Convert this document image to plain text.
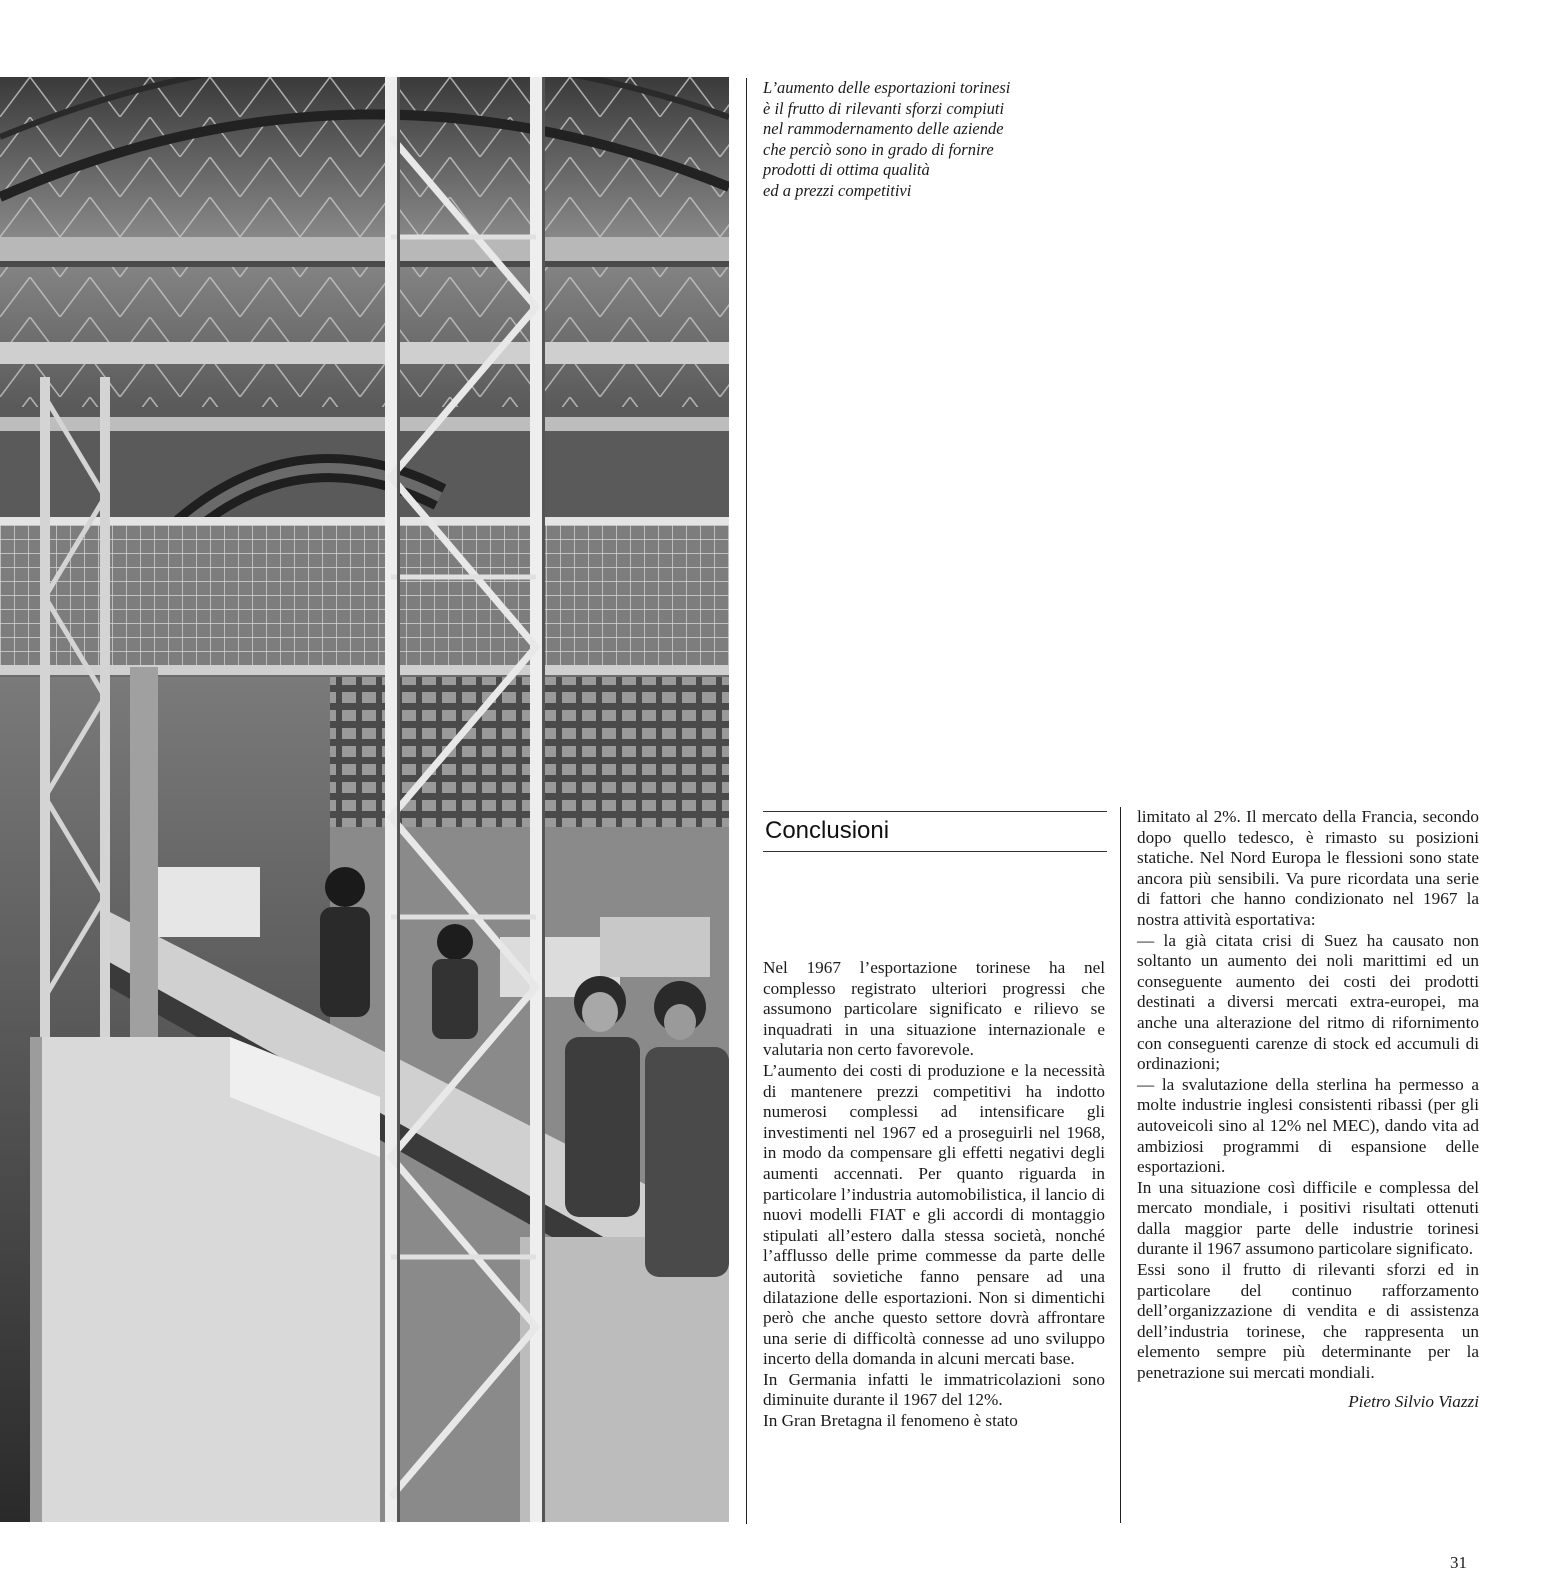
L’aumento delle esportazioni torinesi
è il frutto di rilevanti sforzi compiuti
nel rammodernamento delle aziende
che perciò sono in grado di fornire
prodotti di ottima qualità
ed a prezzi competitivi
Conclusioni

Nel 1967 l’esportazione torinese ha nel complesso registrato ulteriori progressi che assumono particolare significato e rilievo se inquadrati in una situazione internazionale e valutaria non certo favorevole.

L’aumento dei costi di produzione e la necessità di mantenere prezzi competitivi ha indotto numerosi complessi ad intensificare gli investimenti nel 1967 ed a proseguirli nel 1968, in modo da compensare gli effetti negativi degli aumenti accennati. Per quanto riguarda in particolare l’industria automobilistica, il lancio di nuovi modelli FIAT e gli accordi di montaggio stipulati all’estero dalla stessa società, nonché l’afflusso delle prime commesse da parte delle autorità sovietiche fanno pensare ad una dilatazione delle esportazioni. Non si dimentichi però che anche questo settore dovrà affrontare una serie di difficoltà connesse ad uno sviluppo incerto della domanda in alcuni mercati base.

In Germania infatti le immatricolazioni sono diminuite durante il 1967 del 12%.

In Gran Bretagna il fenomeno è stato

limitato al 2%. Il mercato della Francia, secondo dopo quello tedesco, è rimasto su posizioni statiche. Nel Nord Europa le flessioni sono state ancora più sensibili. Va pure ricordata una serie di fattori che hanno condizionato nel 1967 la nostra attività esportativa:

— la già citata crisi di Suez ha causato non soltanto un aumento dei noli marittimi ed un conseguente aumento dei costi dei prodotti destinati a diversi mercati extra-europei, ma anche una alterazione del ritmo di rifornimento con conseguenti carenze di stock ed accumuli di ordinazioni;

— la svalutazione della sterlina ha permesso a molte industrie inglesi consistenti ribassi (per gli autoveicoli sino al 12% nel MEC), dando vita ad ambiziosi programmi di espansione delle esportazioni.

In una situazione così difficile e complessa del mercato mondiale, i positivi risultati ottenuti dalla maggior parte delle industrie torinesi durante il 1967 assumono particolare significato.

Essi sono il frutto di rilevanti sforzi ed in particolare del continuo rafforzamento dell’organizzazione di vendita e di assistenza dell’industria torinese, che rappresenta un elemento sempre più determinante per la penetrazione sui mercati mondiali.

Pietro Silvio Viazzi

31
